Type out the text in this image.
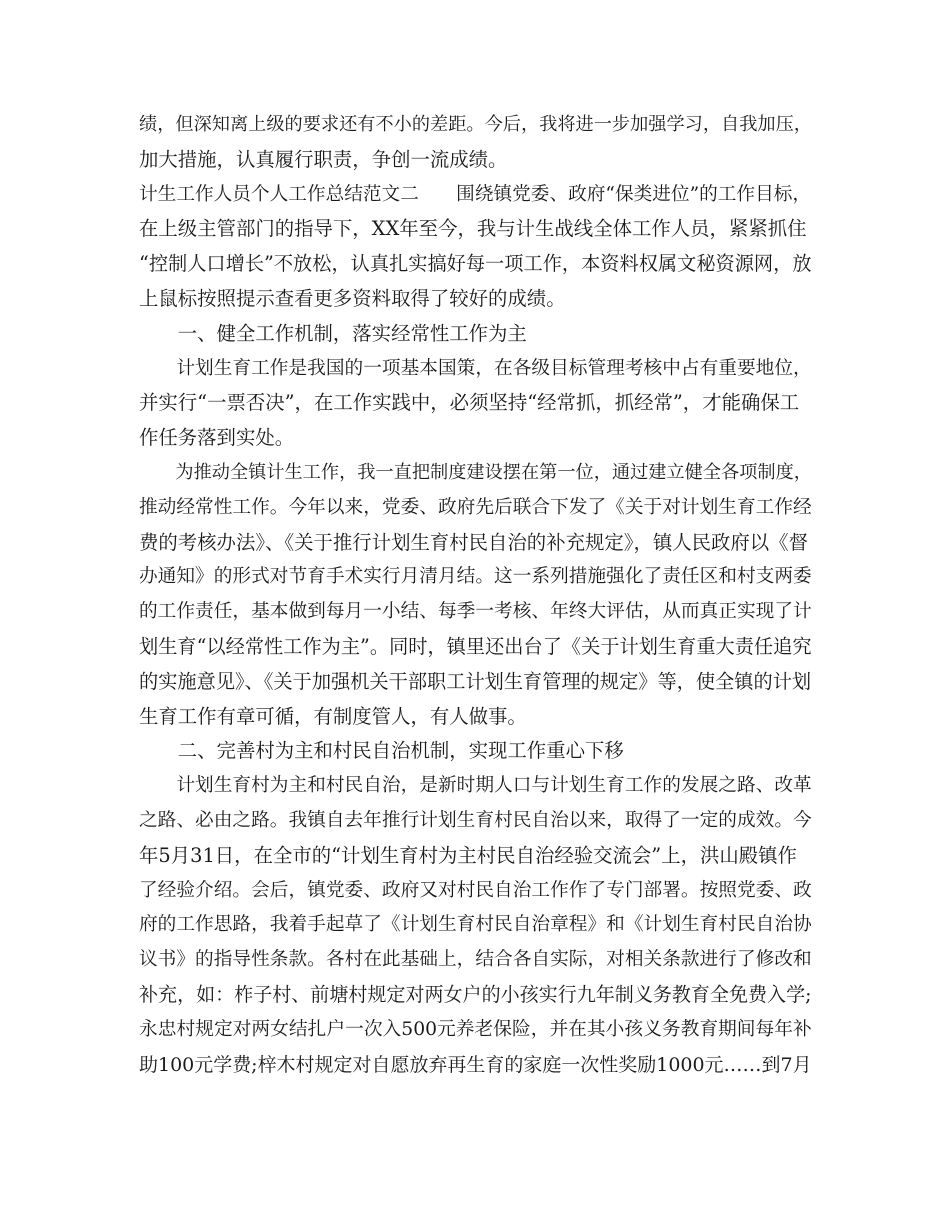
绩，但深知离上级的要求还有不小的差距。今后，我将进一步加强学习，自我加压，
加大措施，认真履行职责，争创一流成绩。
计生工作人员个人工作总结范文二　　围绕镇党委、政府“保类进位”的工作目标，
在上级主管部门的指导下，XX年至今，我与计生战线全体工作人员，紧紧抓住
“控制人口增长”不放松，认真扎实搞好每一项工作，本资料权属文秘资源网，放
上鼠标按照提示查看更多资料取得了较好的成绩。
　　一、健全工作机制，落实经常性工作为主
　　计划生育工作是我国的一项基本国策，在各级目标管理考核中占有重要地位，
并实行“一票否决”，在工作实践中，必须坚持“经常抓，抓经常”，才能确保工
作任务落到实处。
　　为推动全镇计生工作，我一直把制度建设摆在第一位，通过建立健全各项制度，
推动经常性工作。今年以来，党委、政府先后联合下发了《关于对计划生育工作经
费的考核办法》、《关于推行计划生育村民自治的补充规定》，镇人民政府以《督
办通知》的形式对节育手术实行月清月结。这一系列措施强化了责任区和村支两委
的工作责任，基本做到每月一小结、每季一考核、年终大评估，从而真正实现了计
划生育“以经常性工作为主”。同时，镇里还出台了《关于计划生育重大责任追究
的实施意见》、《关于加强机关干部职工计划生育管理的规定》等，使全镇的计划
生育工作有章可循，有制度管人，有人做事。
　　二、完善村为主和村民自治机制，实现工作重心下移
　　计划生育村为主和村民自治，是新时期人口与计划生育工作的发展之路、改革
之路、必由之路。我镇自去年推行计划生育村民自治以来，取得了一定的成效。今
年5月31日，在全市的“计划生育村为主村民自治经验交流会”上，洪山殿镇作
了经验介绍。会后，镇党委、政府又对村民自治工作作了专门部署。按照党委、政
府的工作思路，我着手起草了《计划生育村民自治章程》和《计划生育村民自治协
议书》的指导性条款。各村在此基础上，结合各自实际，对相关条款进行了修改和
补充，如：柞子村、前塘村规定对两女户的小孩实行九年制义务教育全免费入学;
永忠村规定对两女结扎户一次入500元养老保险，并在其小孩义务教育期间每年补
助100元学费;梓木村规定对自愿放弃再生育的家庭一次性奖励1000元……到7月
